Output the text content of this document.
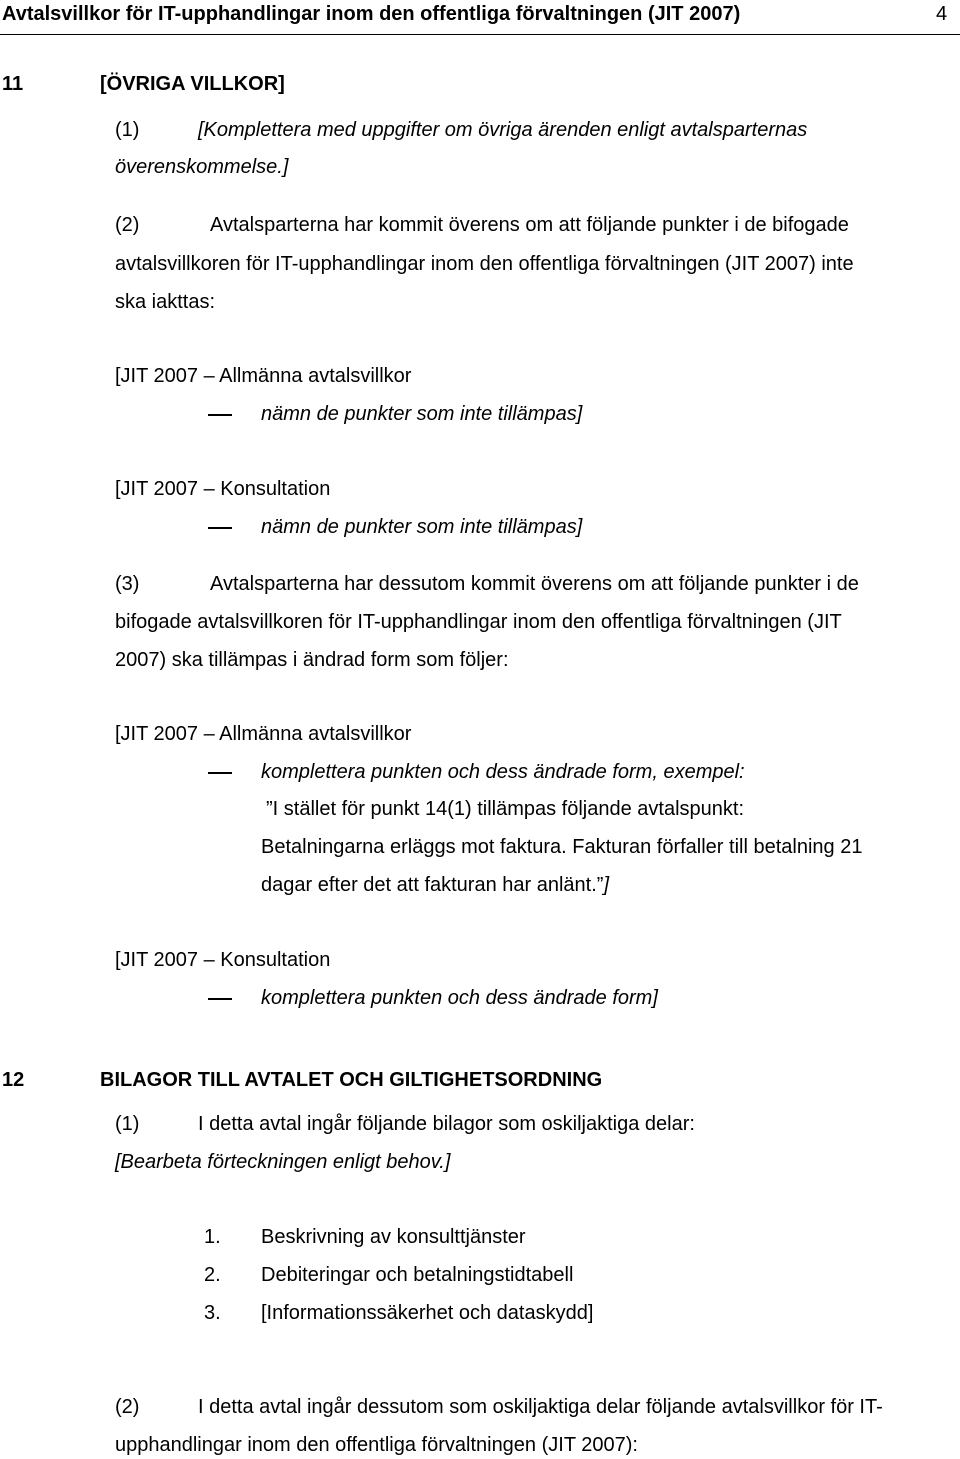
Avtalsvillkor för IT-upphandlingar inom den offentliga förvaltningen (JIT 2007)	4
11	[ÖVRIGA VILLKOR]
(1)	[Komplettera med uppgifter om övriga ärenden enligt avtalsparternas
överenskommelse.]
(2)	Avtalsparterna har kommit överens om att följande punkter i de bifogade
avtalsvillkoren för IT-upphandlingar inom den offentliga förvaltningen (JIT 2007) inte
ska iakttas:
[JIT 2007 – Allmänna avtalsvillkor
nämn de punkter som inte tillämpas]
[JIT 2007 – Konsultation
nämn de punkter som inte tillämpas]
(3)	Avtalsparterna har dessutom kommit överens om att följande punkter i de
bifogade avtalsvillkoren för IT-upphandlingar inom den offentliga förvaltningen (JIT
2007) ska tillämpas i ändrad form som följer:
[JIT 2007 – Allmänna avtalsvillkor
komplettera punkten och dess ändrade form, exempel:
”I stället för punkt 14(1) tillämpas följande avtalspunkt:
Betalningarna erläggs mot faktura. Fakturan förfaller till betalning 21
dagar efter det att fakturan har anlänt.”]
[JIT 2007 – Konsultation
komplettera punkten och dess ändrade form]
12	BILAGOR TILL AVTALET OCH GILTIGHETSORDNING
(1)	I detta avtal ingår följande bilagor som oskiljaktiga delar:
[Bearbeta förteckningen enligt behov.]
1. Beskrivning av konsulttjänster
2. Debiteringar och betalningstidtabell
3. [Informationssäkerhet och dataskydd]
(2)	I detta avtal ingår dessutom som oskiljaktiga delar följande avtalsvillkor för IT-
upphandlingar inom den offentliga förvaltningen (JIT 2007):
